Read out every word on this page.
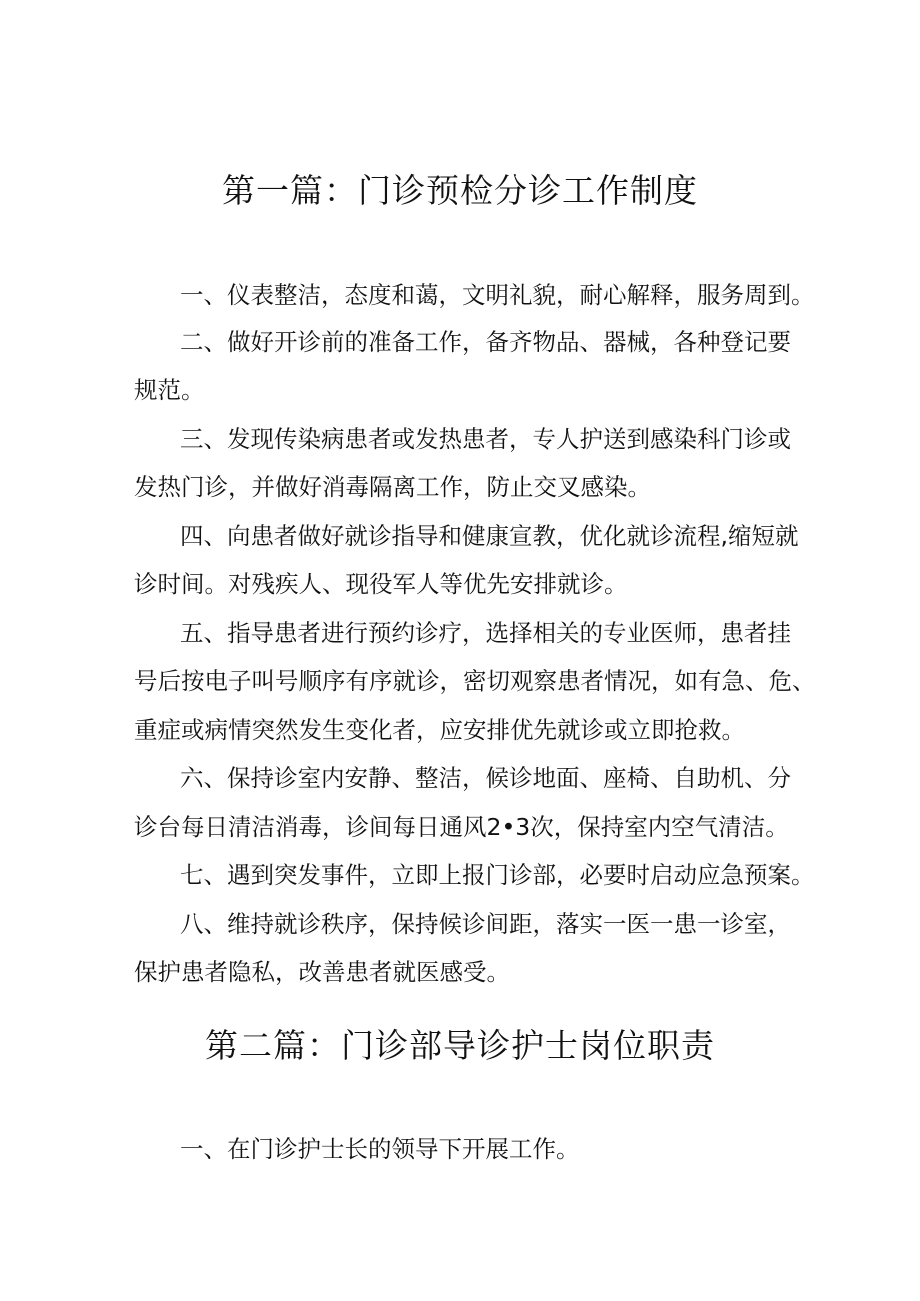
第一篇：门诊预检分诊工作制度
一、仪表整洁，态度和蔼，文明礼貌，耐心解释，服务周到。
二、做好开诊前的准备工作，备齐物品、器械，各种登记要
规范。
三、发现传染病患者或发热患者，专人护送到感染科门诊或
发热门诊，并做好消毒隔离工作，防止交叉感染。
四、向患者做好就诊指导和健康宣教，优化就诊流程,缩短就
诊时间。对残疾人、现役军人等优先安排就诊。
五、指导患者进行预约诊疗，选择相关的专业医师，患者挂
号后按电子叫号顺序有序就诊，密切观察患者情况，如有急、危、
重症或病情突然发生变化者，应安排优先就诊或立即抢救。
六、保持诊室内安静、整洁，候诊地面、座椅、自助机、分
诊台每日清洁消毒，诊间每日通风2•3次，保持室内空气清洁。
七、遇到突发事件，立即上报门诊部，必要时启动应急预案。
八、维持就诊秩序，保持候诊间距，落实一医一患一诊室，
保护患者隐私，改善患者就医感受。
第二篇：门诊部导诊护士岗位职责
一、在门诊护士长的领导下开展工作。
